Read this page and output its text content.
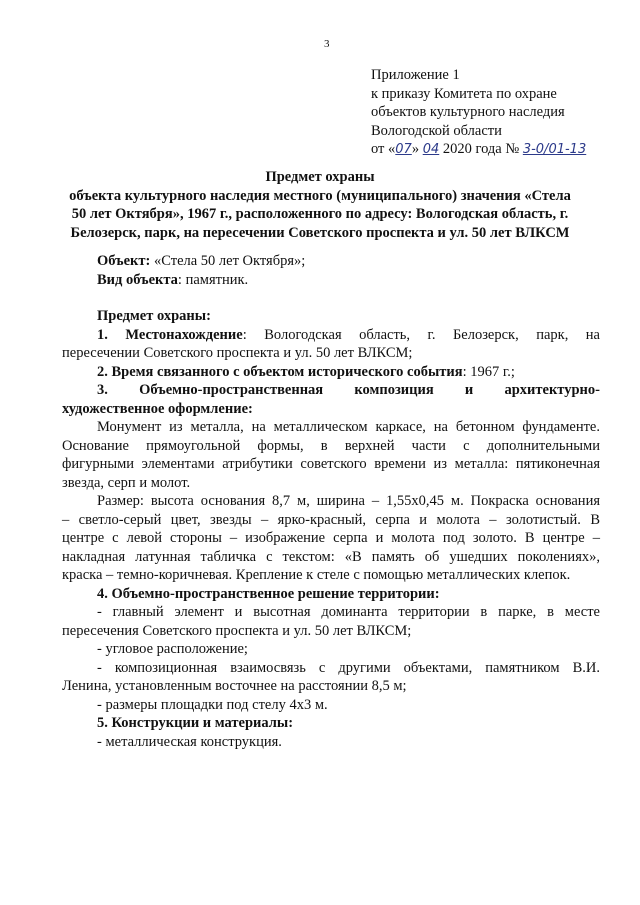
3
Приложение 1
к приказу Комитета по охране
объектов культурного наследия
Вологодской области
от «07» 04 2020 года № 3-0/01-13
Предмет охраны
объекта культурного наследия местного (муниципального) значения «Стела
50 лет Октября», 1967 г., расположенного по адресу: Вологодская область, г.
Белозерск, парк, на пересечении Советского проспекта и ул. 50 лет ВЛКСМ
Объект: «Стела 50 лет Октября»;
Вид объекта: памятник.
Предмет охраны:
1. Местонахождение: Вологодская область, г. Белозерск, парк, на
пересечении Советского проспекта и ул. 50 лет ВЛКСМ;
2. Время связанного с объектом исторического события: 1967 г.;
3. Объемно-пространственная композиция и архитектурно-
художественное оформление:
Монумент из металла, на металлическом каркасе, на бетонном фундаменте.
Основание прямоугольной формы, в верхней части с дополнительными
фигурными элементами атрибутики советского времени из металла: пятиконечная
звезда, серп и молот.
Размер: высота основания 8,7 м, ширина – 1,55х0,45 м. Покраска основания
– светло-серый цвет, звезды – ярко-красный, серпа и молота – золотистый. В
центре с левой стороны – изображение серпа и молота под золото. В центре –
накладная латунная табличка с текстом: «В память об ушедших поколениях»,
краска – темно-коричневая. Крепление к стеле с помощью металлических клепок.
4. Объемно-пространственное решение территории:
- главный элемент и высотная доминанта территории в парке, в месте
пересечения Советского проспекта и ул. 50 лет ВЛКСМ;
- угловое расположение;
- композиционная взаимосвязь с другими объектами, памятником В.И.
Ленина, установленным восточнее на расстоянии 8,5 м;
- размеры площадки под стелу 4х3 м.
5. Конструкции и материалы:
- металлическая конструкция.
